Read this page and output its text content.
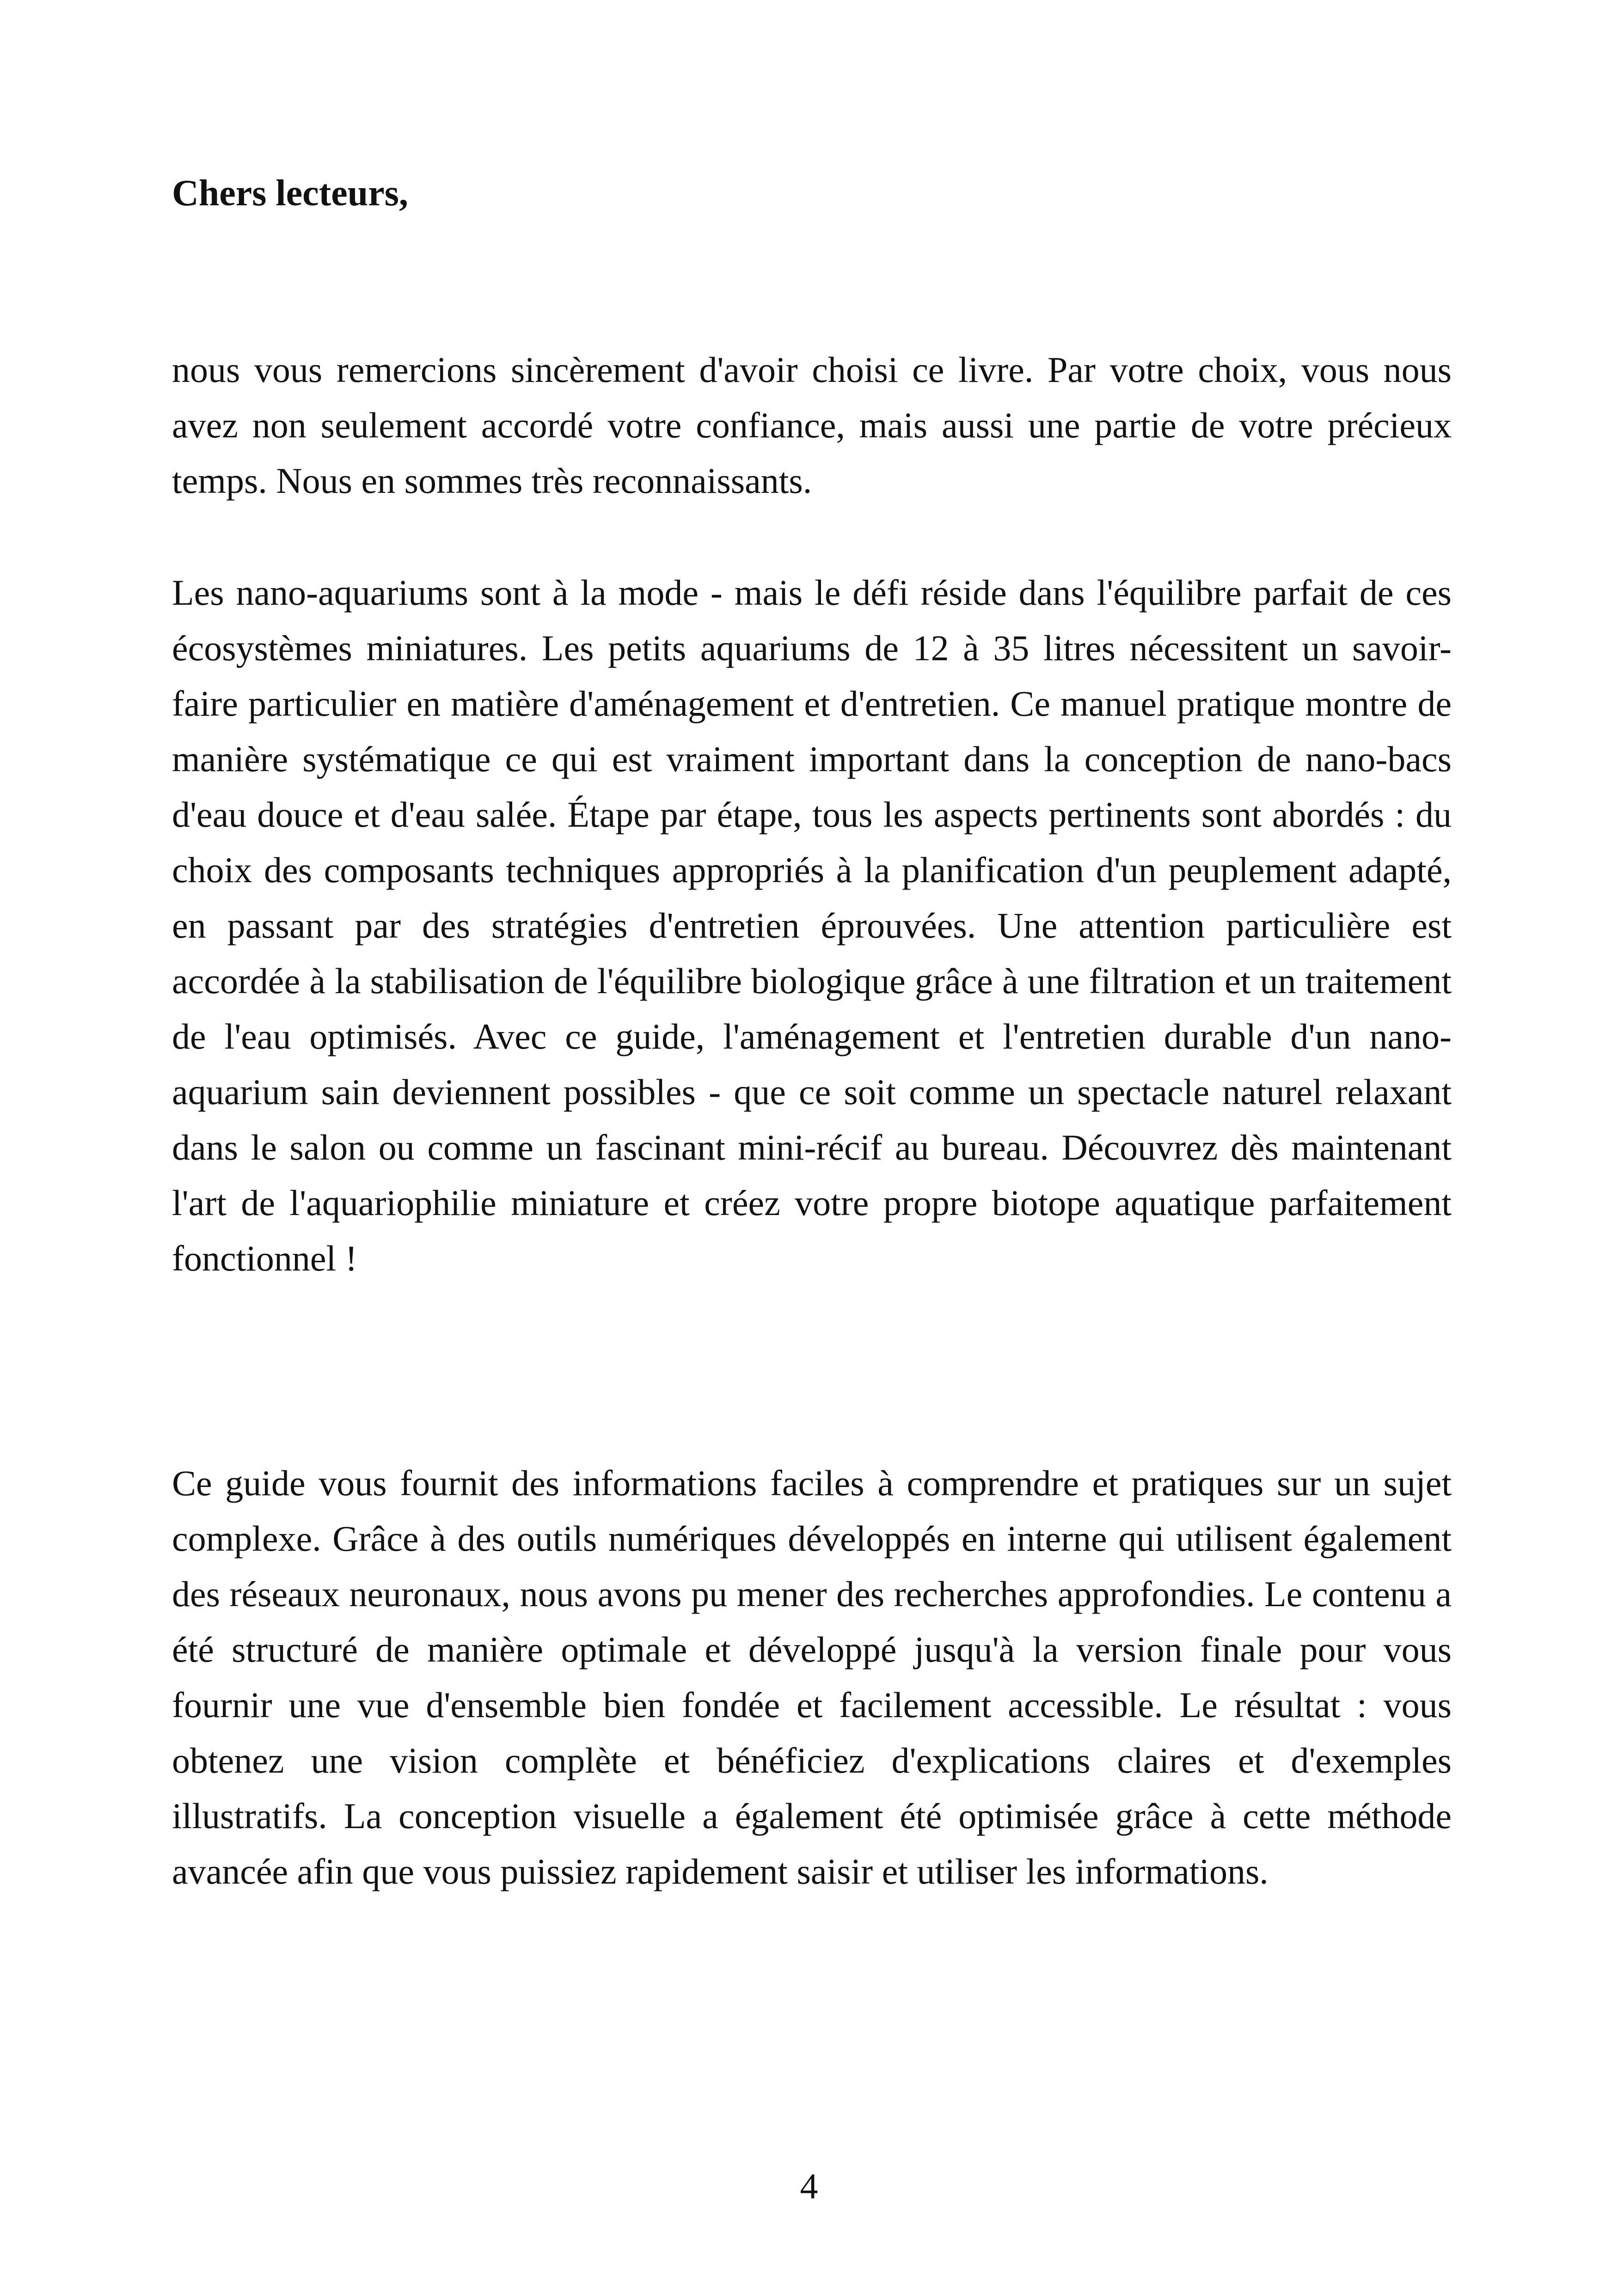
Chers lecteurs,

nous vous remercions sincèrement d'avoir choisi ce livre. Par votre choix, vous nous avez non seulement accordé votre confiance, mais aussi une partie de votre précieux temps. Nous en sommes très reconnaissants.

Les nano-aquariums sont à la mode - mais le défi réside dans l'équilibre parfait de ces écosystèmes miniatures. Les petits aquariums de 12 à 35 litres nécessitent un savoir-faire particulier en matière d'aménagement et d'entretien. Ce manuel pratique montre de manière systématique ce qui est vraiment important dans la conception de nano-bacs d'eau douce et d'eau salée. Étape par étape, tous les aspects pertinents sont abordés : du choix des composants techniques appropriés à la planification d'un peuplement adapté, en passant par des stratégies d'entretien éprouvées. Une attention particulière est accordée à la stabilisation de l'équilibre biologique grâce à une filtration et un traitement de l'eau optimisés. Avec ce guide, l'aménagement et l'entretien durable d'un nano-aquarium sain deviennent possibles - que ce soit comme un spectacle naturel relaxant dans le salon ou comme un fascinant mini-récif au bureau. Découvrez dès maintenant l'art de l'aquariophilie miniature et créez votre propre biotope aquatique parfaitement fonctionnel !

Ce guide vous fournit des informations faciles à comprendre et pratiques sur un sujet complexe. Grâce à des outils numériques développés en interne qui utilisent également des réseaux neuronaux, nous avons pu mener des recherches approfondies. Le contenu a été structuré de manière optimale et développé jusqu'à la version finale pour vous fournir une vue d'ensemble bien fondée et facilement accessible. Le résultat : vous obtenez une vision complète et bénéficiez d'explications claires et d'exemples illustratifs. La conception visuelle a également été optimisée grâce à cette méthode avancée afin que vous puissiez rapidement saisir et utiliser les informations.

4
